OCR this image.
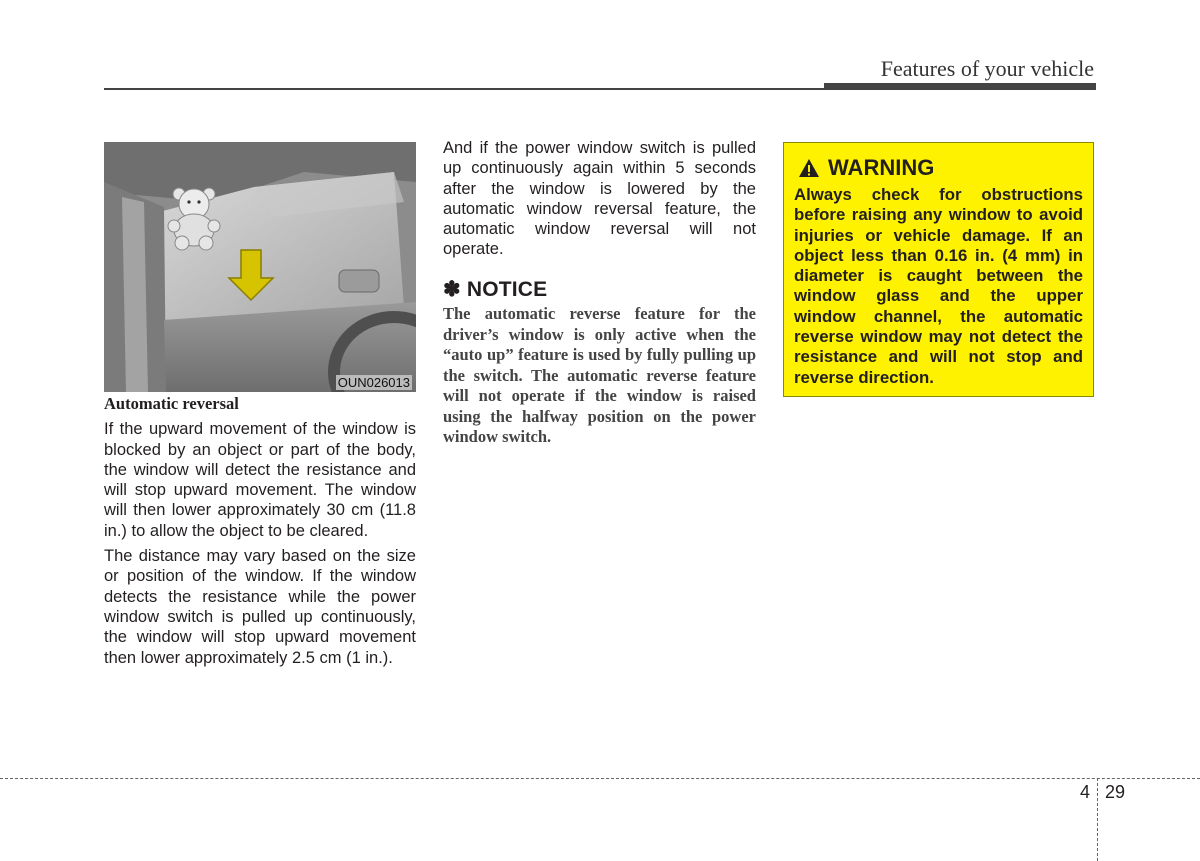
Features of your vehicle
OUN026013

Automatic reversal

If the upward movement of the window is blocked by an object or part of the body, the window will detect the resistance and will stop upward movement. The window will then lower approximately 30 cm (11.8 in.) to allow the object to be cleared.

The distance may vary based on the size or position of the window. If the window detects the resistance while the power window switch is pulled up continuously, the window will stop upward movement then lower approximately 2.5 cm (1 in.).

And if the power window switch is pulled up continuously again within 5 seconds after the window is lowered by the automatic window reversal feature, the automatic window reversal will not operate.

✽ NOTICE
The automatic reverse feature for the driver’s window is only active when the “auto up” feature is used by fully pulling up the switch. The automatic reverse feature will not operate if the window is raised using the halfway position on the power window switch.
WARNING
Always check for obstructions before raising any window to avoid injuries or vehicle damage. If an object less than 0.16 in. (4 mm) in diameter is caught between the window glass and the upper window channel, the automatic reverse window may not detect the resistance and will not stop and reverse direction.
4 29
